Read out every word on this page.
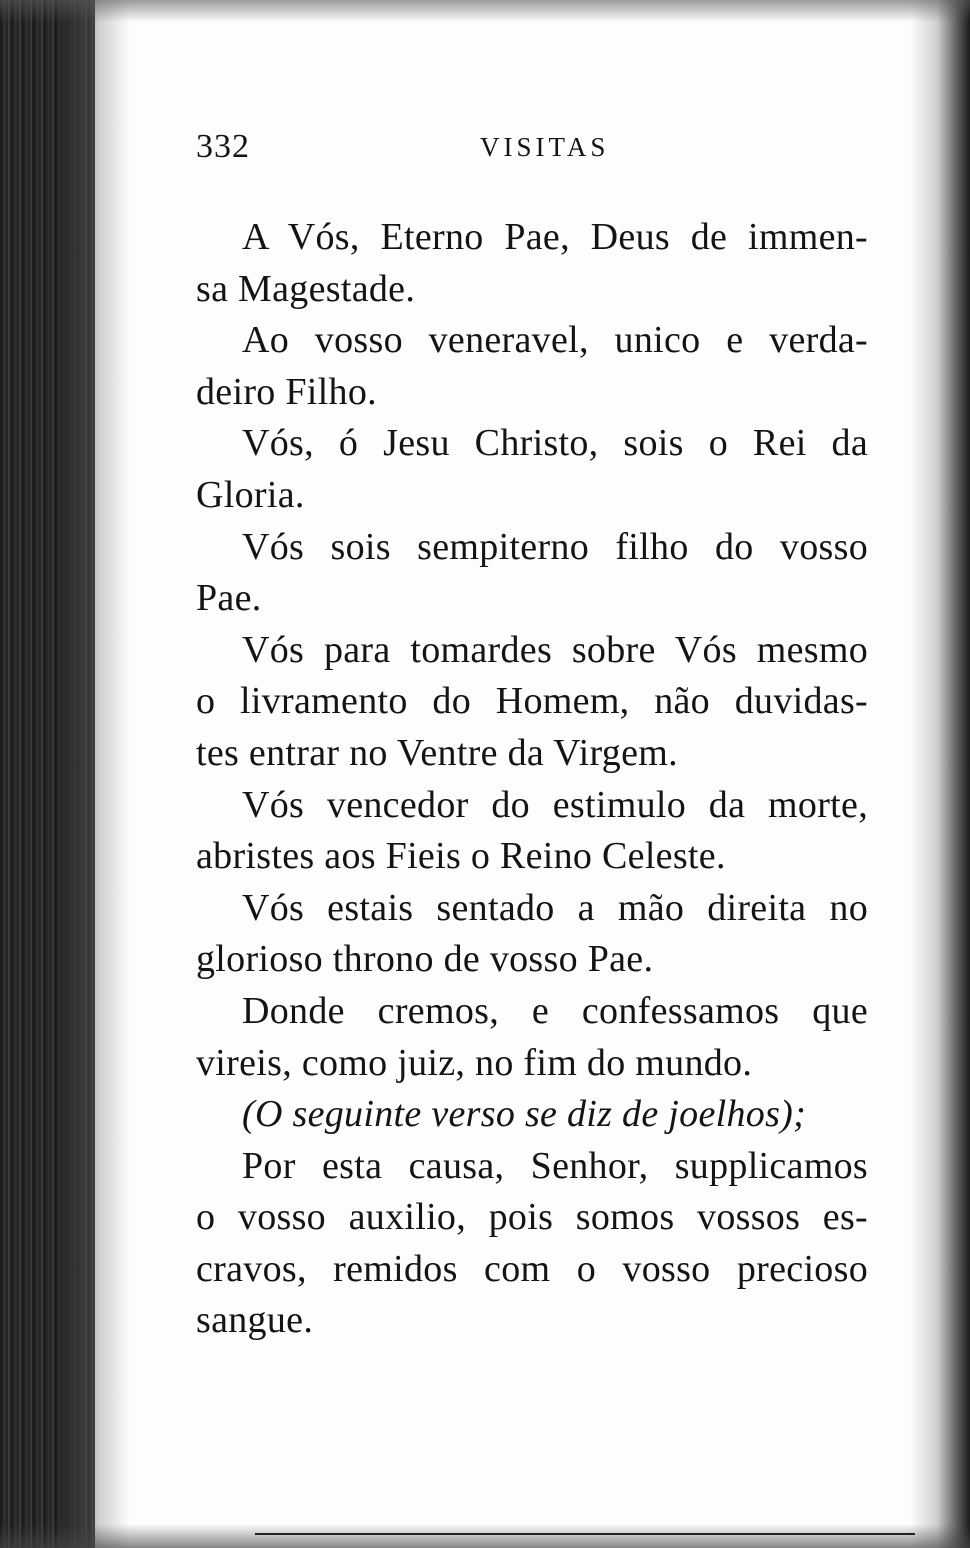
332	VISITAS
A Vós, Eterno Pae, Deus de immen-
sa Magestade.
Ao vosso veneravel, unico e verda-
deiro Filho.
Vós, ó Jesu Christo, sois o Rei da
Gloria.
Vós sois sempiterno filho do vosso
Pae.
Vós para tomardes sobre Vós mesmo
o livramento do Homem, não duvidas-
tes entrar no Ventre da Virgem.
Vós vencedor do estimulo da morte,
abristes aos Fieis o Reino Celeste.
Vós estais sentado a mão direita no
glorioso throno de vosso Pae.
Donde cremos, e confessamos que
vireis, como juiz, no fim do mundo.
(O seguinte verso se diz de joelhos);
Por esta causa, Senhor, supplicamos
o vosso auxilio, pois somos vossos es-
cravos, remidos com o vosso precioso
sangue.
